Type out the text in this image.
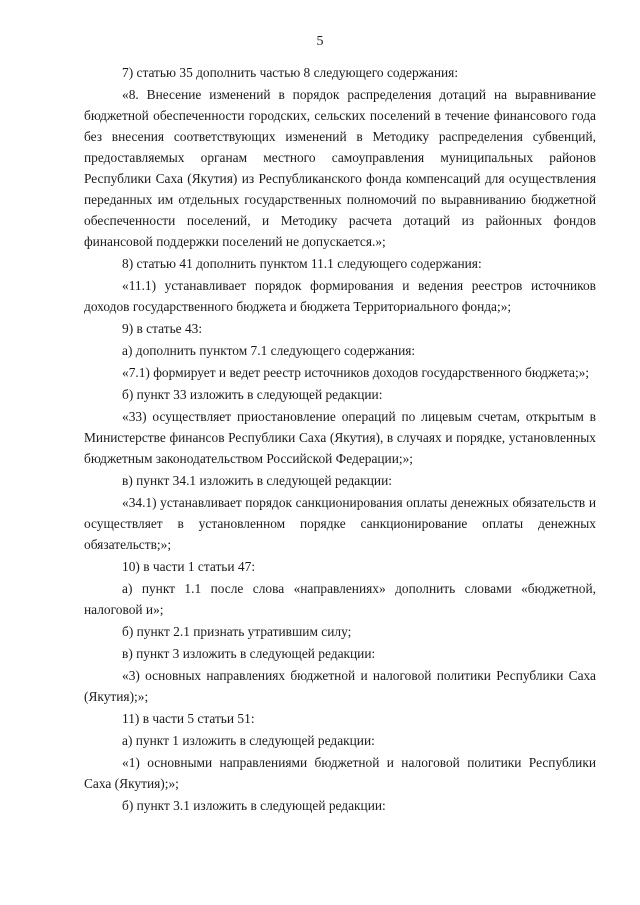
5

7) статью 35 дополнить частью 8 следующего содержания:

«8. Внесение изменений в порядок распределения дотаций на выравнивание бюджетной обеспеченности городских, сельских поселений в течение финансового года без внесения соответствующих изменений в Методику распределения субвенций, предоставляемых органам местного самоуправления муниципальных районов Республики Саха (Якутия) из Республиканского фонда компенсаций для осуществления переданных им отдельных государственных полномочий по выравниванию бюджетной обеспеченности поселений, и Методику расчета дотаций из районных фондов финансовой поддержки поселений не допускается.»;

8) статью 41 дополнить пунктом 11.1 следующего содержания:

«11.1) устанавливает порядок формирования и ведения реестров источников доходов государственного бюджета и бюджета Территориального фонда;»;

9) в статье 43:

а) дополнить пунктом 7.1 следующего содержания:

«7.1) формирует и ведет реестр источников доходов государственного бюджета;»;

б) пункт 33 изложить в следующей редакции:

«33) осуществляет приостановление операций по лицевым счетам, открытым в Министерстве финансов Республики Саха (Якутия), в случаях и порядке, установленных бюджетным законодательством Российской Федерации;»;

в) пункт 34.1 изложить в следующей редакции:

«34.1) устанавливает порядок санкционирования оплаты денежных обязательств и осуществляет в установленном порядке санкционирование оплаты денежных обязательств;»;

10) в части 1 статьи 47:

а) пункт 1.1 после слова «направлениях» дополнить словами «бюджетной, налоговой и»;

б) пункт 2.1 признать утратившим силу;

в) пункт 3 изложить в следующей редакции:

«3) основных направлениях бюджетной и налоговой политики Республики Саха (Якутия);»;

11) в части 5 статьи 51:

а) пункт 1 изложить в следующей редакции:

«1) основными направлениями бюджетной и налоговой политики Республики Саха (Якутия);»;

б) пункт 3.1 изложить в следующей редакции:
